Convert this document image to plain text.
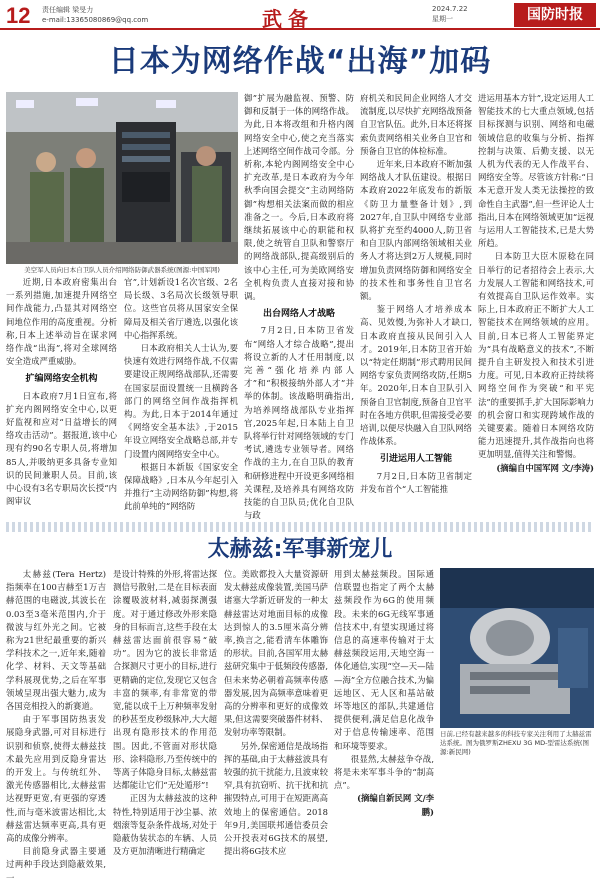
12 责任编辑 梁旻力
e-mail:13365080869@qq.com	武备	2024.7.22
星期一	国防时报
日本为网络作战“出海”加码
美空军人员向日本自卫队人员介绍网络防御武器系统(图源:中国军网)

近期,日本政府密集出台一系列措施,加速提升网络空间作战能力,凸显其对网络空间地位作用的高度重视。分析称,日本上述举动旨在谋求网络作战“出海”,将对全球网络安全造成严重威胁。

扩编网络安全机构

日本政府7月1日宣布,将扩充内阁网络安全中心,以更好监视和应对“日益增长的网络攻击活动”。据报道,该中心现有约90名专职人员,将增加85人,并吸纳更多具备专业知识的民间兼职人员。目前,该中心设有3名专职局次长授“内阁审议

官”,计划新设1名次官级、2名局长级、3名局次长级领导职位。这些官员将从国家安全保障局及相关省厅遴选,以强化该中心指挥系统。

日本政府相关人士认为,要快速有效进行网络作战,不仅需要建设正规网络战部队,还需要在国家层面设置统一且横跨各部门的网络空间作战指挥机构。为此,日本于2014年通过《网络安全基本法》,于2015年设立网络安全战略总部,并专门设置内阁网络安全中心。

根据日本新版《国家安全保障战略》,日本从今年起引入并推行“主动网络防御”构想,将此前单纯的“网络防

御”扩展为融监视、预警、防御和反制于一体的网络作战。为此,日本将改组和升格内阁网络安全中心,使之充当落实上述网络空间作战司令部。分析称,本轮内阁网络安全中心扩充改革,是日本政府为今年秋季向国会提交“主动网络防御”构想相关法案而做的相应准备之一。今后,日本政府将继续拓展该中心的职能和权限,使之统管自卫队和警察厅的网络战部队,提高级别后的该中心主任,可为美欧网络安全机构负责人直接对接和协调。

出台网络人才战略

7月2日,日本防卫省发布“网络人才综合战略”,提出将设立新的人才任用制度,以完善“强化培养内部人才”和“积极接纳外部人才”并举的体制。该战略明确指出,为培养网络战部队专业指挥官,2025年起,日本陆上自卫队将举行针对网络领域的专门考试,遴选专业领导者。网络作战的主力,在自卫队的教育和研修进程中开设更多网络相关课程,及培养具有网络攻防技能的自卫队员;优化自卫队与政

府机关和民间企业网络人才交流制度,以尽快扩充网络战预备自卫官队伍。此外,日本还将探索负责网络相关业务自卫官和预备自卫官的体检标准。

近年来,日本政府不断加强网络战人才队伍建设。根据日本政府2022年底发布的新版《防卫力量整备计划》,到2027年,自卫队中网络专业部队将扩充至约4000人,防卫省和自卫队内部网络领域相关业务人才将达到2万人规模,同时增加负责网络防御和网络安全的技术性和事务性自卫官名额。

鉴于网络人才培养成本高、见效慢,为弥补人才缺口,日本政府直接从民间引入人才。2019年,日本防卫省开始以“特定任期制”形式聘用民间网络专家负责网络攻防,任期5年。2020年,日本自卫队引入预备自卫官制度,预备自卫官平时在各地方供职,但需接受必要培训,以便尽快融入自卫队网络作战体系。

引进运用人工智能

7月2日,日本防卫省制定并发布首个“人工智能推

进运用基本方针”,设定运用人工智能技术的七大重点领域,包括目标探测与识别、网络和电磁领域信息的收集与分析、指挥控制与决策、后勤支援、以无人机为代表的无人作战平台、网络安全等。尽管该方针称:“日本无意开发人类无法操控的致命性自主武器”,但一些评论人士指出,日本在网络领域更加“远视与运用人工智能技术,已是大势所趋。

日本防卫大臣木原稔在同日举行的记者招待会上表示,大力发展人工智能和网络技术,可有效提高自卫队运作效率。实际上,日本政府正不断扩大人工智能技术在网络领域的应用。目前,日本已将人工智能界定为“具有战略意义的技术”,不断提升自主研发投入和技术引进力度。可见,日本政府正持续将网络空间作为突破“和平宪法”的重要抓手,扩大国际影响力的机会窗口和实现跨域作战的关键要素。随着日本网络攻防能力迅速提升,其作战指向也将更加明显,值得关注和警惕。

(摘编自中国军网 文/李涛)

太赫兹:军事新宠儿

太赫兹(Tera Hertz)指频率在100吉赫至1万吉赫范围的电磁波,其波长在0.03至3毫米范围内,介于微波与红外光之间。它被称为21世纪最重要的新兴学科技术之一,近年来,随着化学、材料、天文等基础学科展现优势,之后在军事领域呈现出强大魅力,成为各国竞相投入的新赛道。

由于军事国防热衷发展隐身武器,可对目标进行识别和侦察,使得太赫兹技术最先应用到反隐身雷达的开发上。与传统红外、激光传感器相比,太赫兹雷达视野更宽,有更强的穿透性,而与毫米波雷达相比,太赫兹雷达频率更高,具有更高的成像分辨率。

目前隐身武器主要通过两种手段达到隐蔽效果,一

是设计特殊的外形,将雷达探测信号散射,二是在目标表面涂覆吸波材料,减弱探测强度。对于通过修改外形来隐身的目标而言,这些手段在太赫兹雷达面前很容易“破功”。因为它的波长非常适合探测尺寸更小的目标,进行更精确的定位,发现它又包含丰富的频率,有非常宽的带宽,能以成千上万种频率发射的秒甚至皮秒级脉冲,大大超出现有隐形技术的作用范围。因此,不管面对形状隐形、涂料隐形,乃至传统中的等离子体隐身目标,太赫兹雷达都能让它们“无处遁形”!

正因为太赫兹波的这种特性,特别适用于沙尘暴、浓烟滚等复杂条件战场,对处于隐蔽伪装状态的车辆、人员及方更加清晰进行精确定

位。美欧都投入大量资源研发太赫兹成像装置,美国马萨诸塞大学新近研发的一种太赫兹雷达对地面目标的成像达到惊人的3.5厘米高分辨率,换言之,能看清车体雕饰的形状。目前,各国军用太赫兹研究集中于低频段传感器,但未来势必朝着高频率传感器发展,因为高频率意味着更高的分辨率和更好的成像效果,但这需要突破器件材料、发射功率等限制。

另外,保密通信是战场指挥的基础,由于太赫兹波具有较强的抗干扰能力,且波束较窄,具有抗窃听、抗干扰和抗摧毁特点,可用于在短距离高效地上的保密通信。2018年9月,美国联邦通信委员会公开投表对6G技术的展望,提出将6G技术应

用到太赫兹频段。国际通信联盟也指定了两个太赫兹频段作为6G的使用频段。未来的6G无线军事通信技术中,有望实现通过将信息的高速率传输对于太赫兹频段运用,天地空海一体化通信,实现“空—天—陆—海”全方位融合技术,为偏远地区、无人区和基站破坏等地区的部队,共建通信提供便利,满足信息化战争对于信息传输速率、范围和环境等要求。

很显然,太赫兹争夺战,将是未来军事斗争的“制高点”。

(摘编自新民网 文/李鹏)

日前,已经有越来越多的科技专家关注利用了太赫兹雷达系统。图为俄罗斯ZHEXU 3G MD-型雷达系统(图源:新民网)
